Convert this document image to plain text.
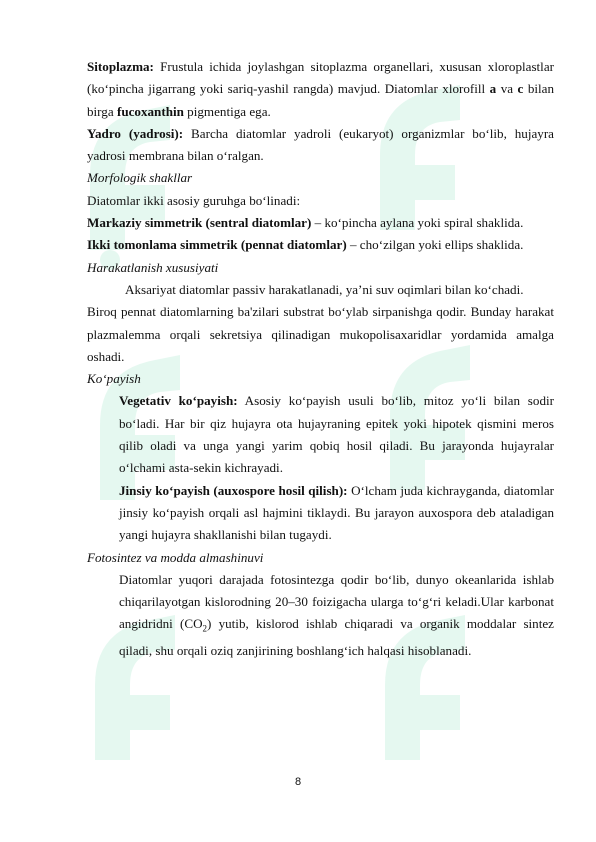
Sitoplazma: Frustula ichida joylashgan sitoplazma organellari, xususan xloroplastlar (koʻpincha jigarrang yoki sariq-yashil rangda) mavjud. Diatomlar xlorofill a va c bilan birga fucoxanthin pigmentiga ega.

Yadro (yadrosi): Barcha diatomlar yadroli (eukaryot) organizmlar boʻlib, hujayra yadrosi membrana bilan oʻralgan.

Morfologik shakllar

Diatomlar ikki asosiy guruhga boʻlinadi:

Markaziy simmetrik (sentral diatomlar) – koʻpincha aylana yoki spiral shaklida.

Ikki tomonlama simmetrik (pennat diatomlar) – choʻzilgan yoki ellips shaklida.

Harakatlanish xususiyati

Aksariyat diatomlar passiv harakatlanadi, ya’ni suv oqimlari bilan koʻchadi.

Biroq pennat diatomlarning ba'zilari substrat boʻylab sirpanishga qodir. Bunday harakat plazmalemma orqali sekretsiya qilinadigan mukopolisaxaridlar yordamida amalga oshadi.

Koʻpayish

Vegetativ koʻpayish: Asosiy koʻpayish usuli boʻlib, mitoz yoʻli bilan sodir boʻladi. Har bir qiz hujayra ota hujayraning epitek yoki hipotek qismini meros qilib oladi va unga yangi yarim qobiq hosil qiladi. Bu jarayonda hujayralar oʻlchami asta-sekin kichrayadi.

Jinsiy koʻpayish (auxospore hosil qilish): Oʻlcham juda kichrayganda, diatomlar jinsiy koʻpayish orqali asl hajmini tiklaydi. Bu jarayon auxospora deb ataladigan yangi hujayra shakllanishi bilan tugaydi.

Fotosintez va modda almashinuvi

Diatomlar yuqori darajada fotosintezga qodir boʻlib, dunyo okeanlarida ishlab chiqarilayotgan kislorodning 20–30 foizigacha ularga toʻgʻri keladi.Ular karbonat angidridni $(CO_2)$ yutib, kislorod ishlab chiqaradi va organik moddalar sintez qiladi, shu orqali oziq zanjirining boshlangʻich halqasi hisoblanadi.

8
